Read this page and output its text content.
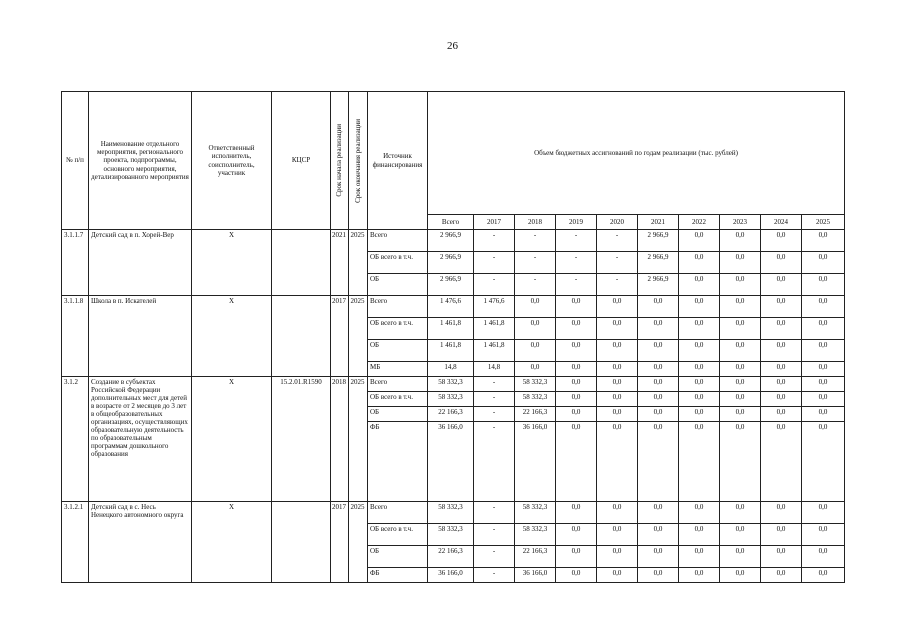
26
№ п/п	Наименование отдельного мероприятия, регионального проекта, подпрограммы, основного мероприятия, детализированного мероприятия	Ответственный исполнитель, соисполнитель, участник	КЦСР	Срок начала реализации	Срок окончания реализации	Источник финансирования	Объем бюджетных ассигнований по годам реализации (тыс. рублей)									
							Всего	2017	2018	2019	2020	2021	2022	2023	2024	2025
3.1.1.7	Детский сад в п. Хорей-Вер	Х		2021	2025	Всего	2 966,9	-	-	-	-	2 966,9	0,0	0,0	0,0	0,0
						ОБ всего в т.ч.	2 966,9	-	-	-	-	2 966,9	0,0	0,0	0,0	0,0
						ОБ	2 966,9	-	-	-	-	2 966,9	0,0	0,0	0,0	0,0
3.1.1.8	Школа в п. Искателей	Х		2017	2025	Всего	1 476,6	1 476,6	0,0	0,0	0,0	0,0	0,0	0,0	0,0	0,0
						ОБ всего в т.ч.	1 461,8	1 461,8	0,0	0,0	0,0	0,0	0,0	0,0	0,0	0,0
						ОБ	1 461,8	1 461,8	0,0	0,0	0,0	0,0	0,0	0,0	0,0	0,0
						МБ	14,8	14,8	0,0	0,0	0,0	0,0	0,0	0,0	0,0	0,0
3.1.2	Создание в субъектах Российской Федерации дополнительных мест для детей в возрасте от 2 месяцев до 3 лет в общеобразовательных организациях, осуществляющих образовательную деятельность по образовательным программам дошкольного образования	Х	15.2.01.R1590	2018	2025	Всего	58 332,3	-	58 332,3	0,0	0,0	0,0	0,0	0,0	0,0	0,0
						ОБ всего в т.ч.	58 332,3	-	58 332,3	0,0	0,0	0,0	0,0	0,0	0,0	0,0
						ОБ	22 166,3	-	22 166,3	0,0	0,0	0,0	0,0	0,0	0,0	0,0
						ФБ	36 166,0	-	36 166,0	0,0	0,0	0,0	0,0	0,0	0,0	0,0
3.1.2.1	Детский сад в с. Несь Ненецкого автономного округа	Х		2017	2025	Всего	58 332,3	-	58 332,3	0,0	0,0	0,0	0,0	0,0	0,0	0,0
						ОБ всего в т.ч.	58 332,3	-	58 332,3	0,0	0,0	0,0	0,0	0,0	0,0	0,0
						ОБ	22 166,3	-	22 166,3	0,0	0,0	0,0	0,0	0,0	0,0	0,0
						ФБ	36 166,0	-	36 166,0	0,0	0,0	0,0	0,0	0,0	0,0	0,0
